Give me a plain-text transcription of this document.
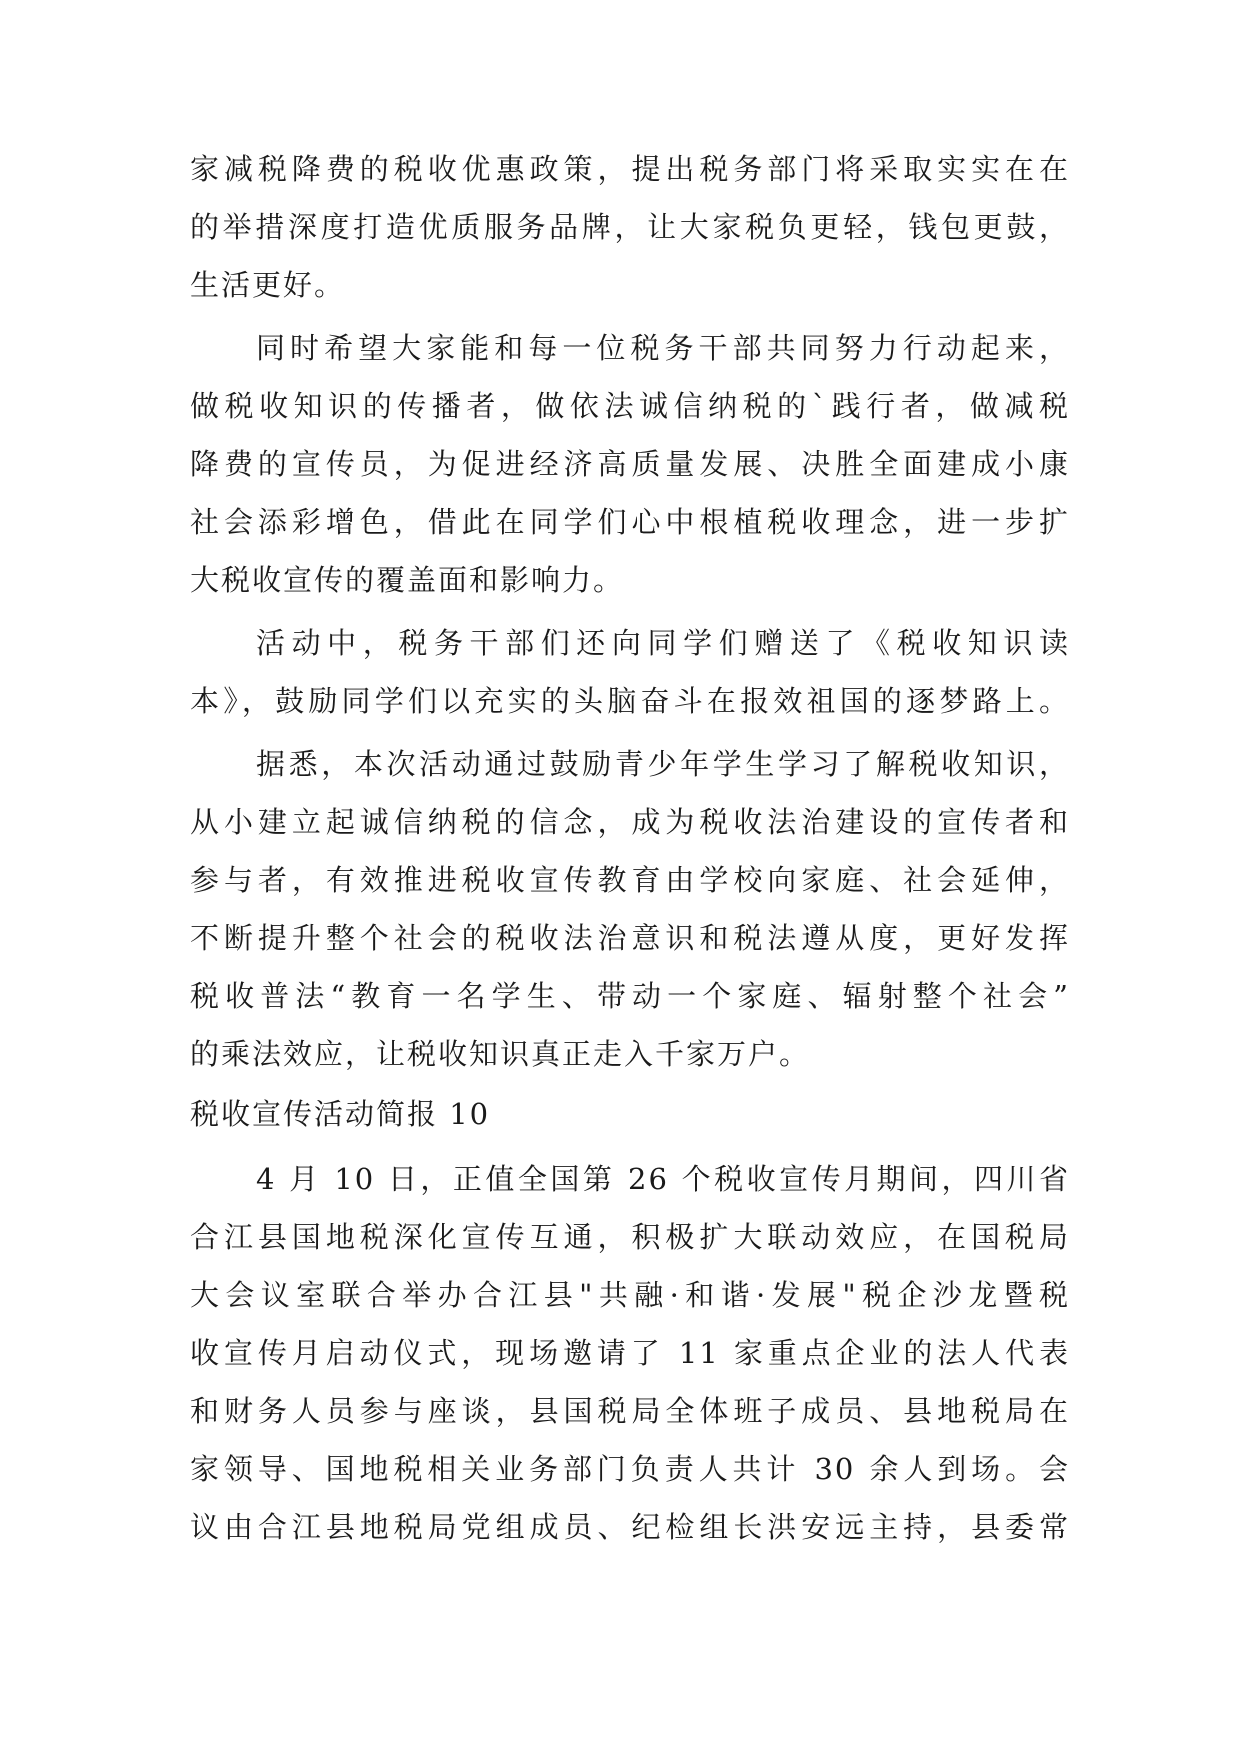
家减税降费的税收优惠政策，提出税务部门将采取实实在在
的举措深度打造优质服务品牌，让大家税负更轻，钱包更鼓，
生活更好。
同时希望大家能和每一位税务干部共同努力行动起来，
做税收知识的传播者，做依法诚信纳税的`践行者，做减税
降费的宣传员，为促进经济高质量发展、决胜全面建成小康
社会添彩增色，借此在同学们心中根植税收理念，进一步扩
大税收宣传的覆盖面和影响力。
活动中，税务干部们还向同学们赠送了《税收知识读
本》，鼓励同学们以充实的头脑奋斗在报效祖国的逐梦路上。
据悉，本次活动通过鼓励青少年学生学习了解税收知识，
从小建立起诚信纳税的信念，成为税收法治建设的宣传者和
参与者，有效推进税收宣传教育由学校向家庭、社会延伸，
不断提升整个社会的税收法治意识和税法遵从度，更好发挥
税收普法“教育一名学生、带动一个家庭、辐射整个社会”
的乘法效应，让税收知识真正走入千家万户。
税收宣传活动简报 10
4 月 10 日，正值全国第 26 个税收宣传月期间，四川省
合江县国地税深化宣传互通，积极扩大联动效应，在国税局
大会议室联合举办合江县"共融·和谐·发展"税企沙龙暨税
收宣传月启动仪式，现场邀请了 11 家重点企业的法人代表
和财务人员参与座谈，县国税局全体班子成员、县地税局在
家领导、国地税相关业务部门负责人共计 30 余人到场。会
议由合江县地税局党组成员、纪检组长洪安远主持，县委常
